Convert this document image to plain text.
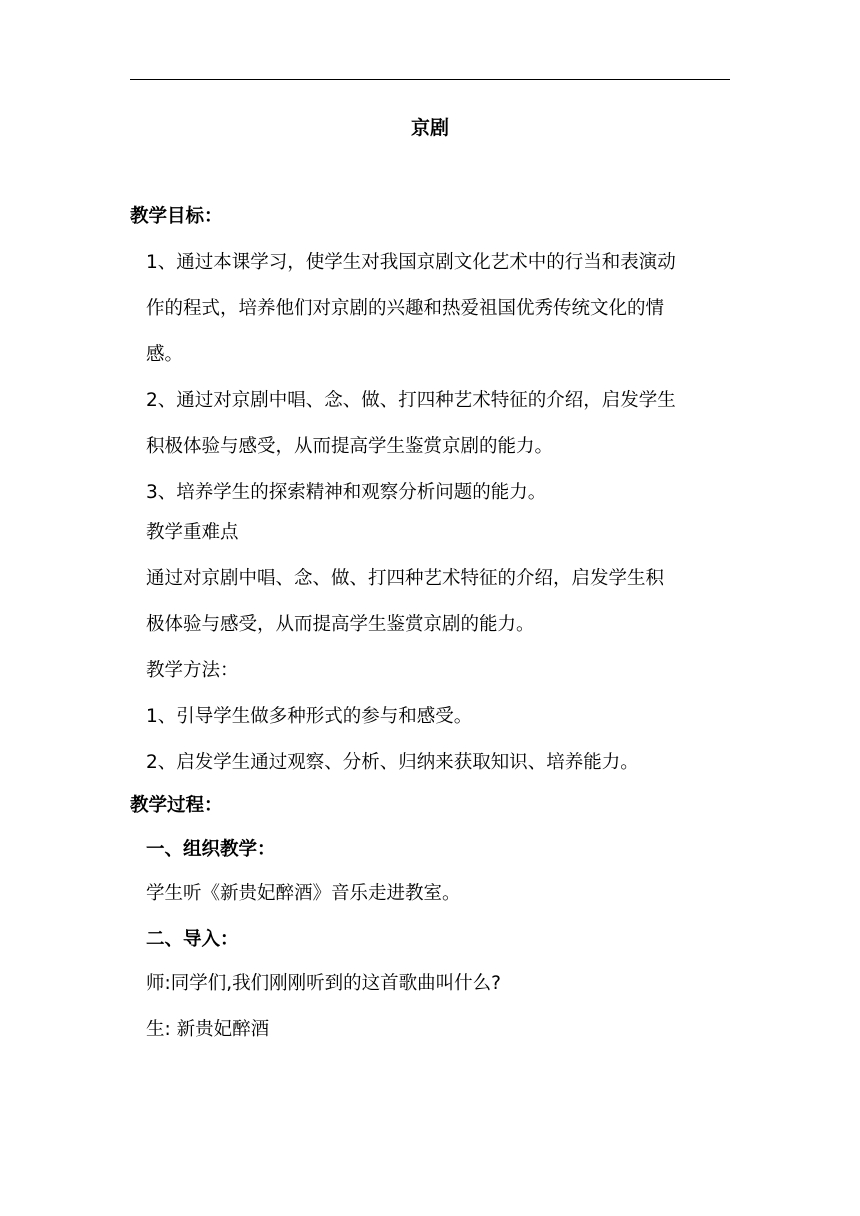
京剧
教学目标：
1、通过本课学习，使学生对我国京剧文化艺术中的行当和表演动
作的程式，培养他们对京剧的兴趣和热爱祖国优秀传统文化的情
感。
2、通过对京剧中唱、念、做、打四种艺术特征的介绍，启发学生
积极体验与感受，从而提高学生鉴赏京剧的能力。
3、培养学生的探索精神和观察分析问题的能力。
教学重难点
通过对京剧中唱、念、做、打四种艺术特征的介绍，启发学生积
极体验与感受，从而提高学生鉴赏京剧的能力。
教学方法：
1、引导学生做多种形式的参与和感受。
2、启发学生通过观察、分析、归纳来获取知识、培养能力。
教学过程：
一、组织教学：
学生听《新贵妃醉酒》音乐走进教室。
二、导入：
师:同学们,我们刚刚听到的这首歌曲叫什么?
生: 新贵妃醉酒
